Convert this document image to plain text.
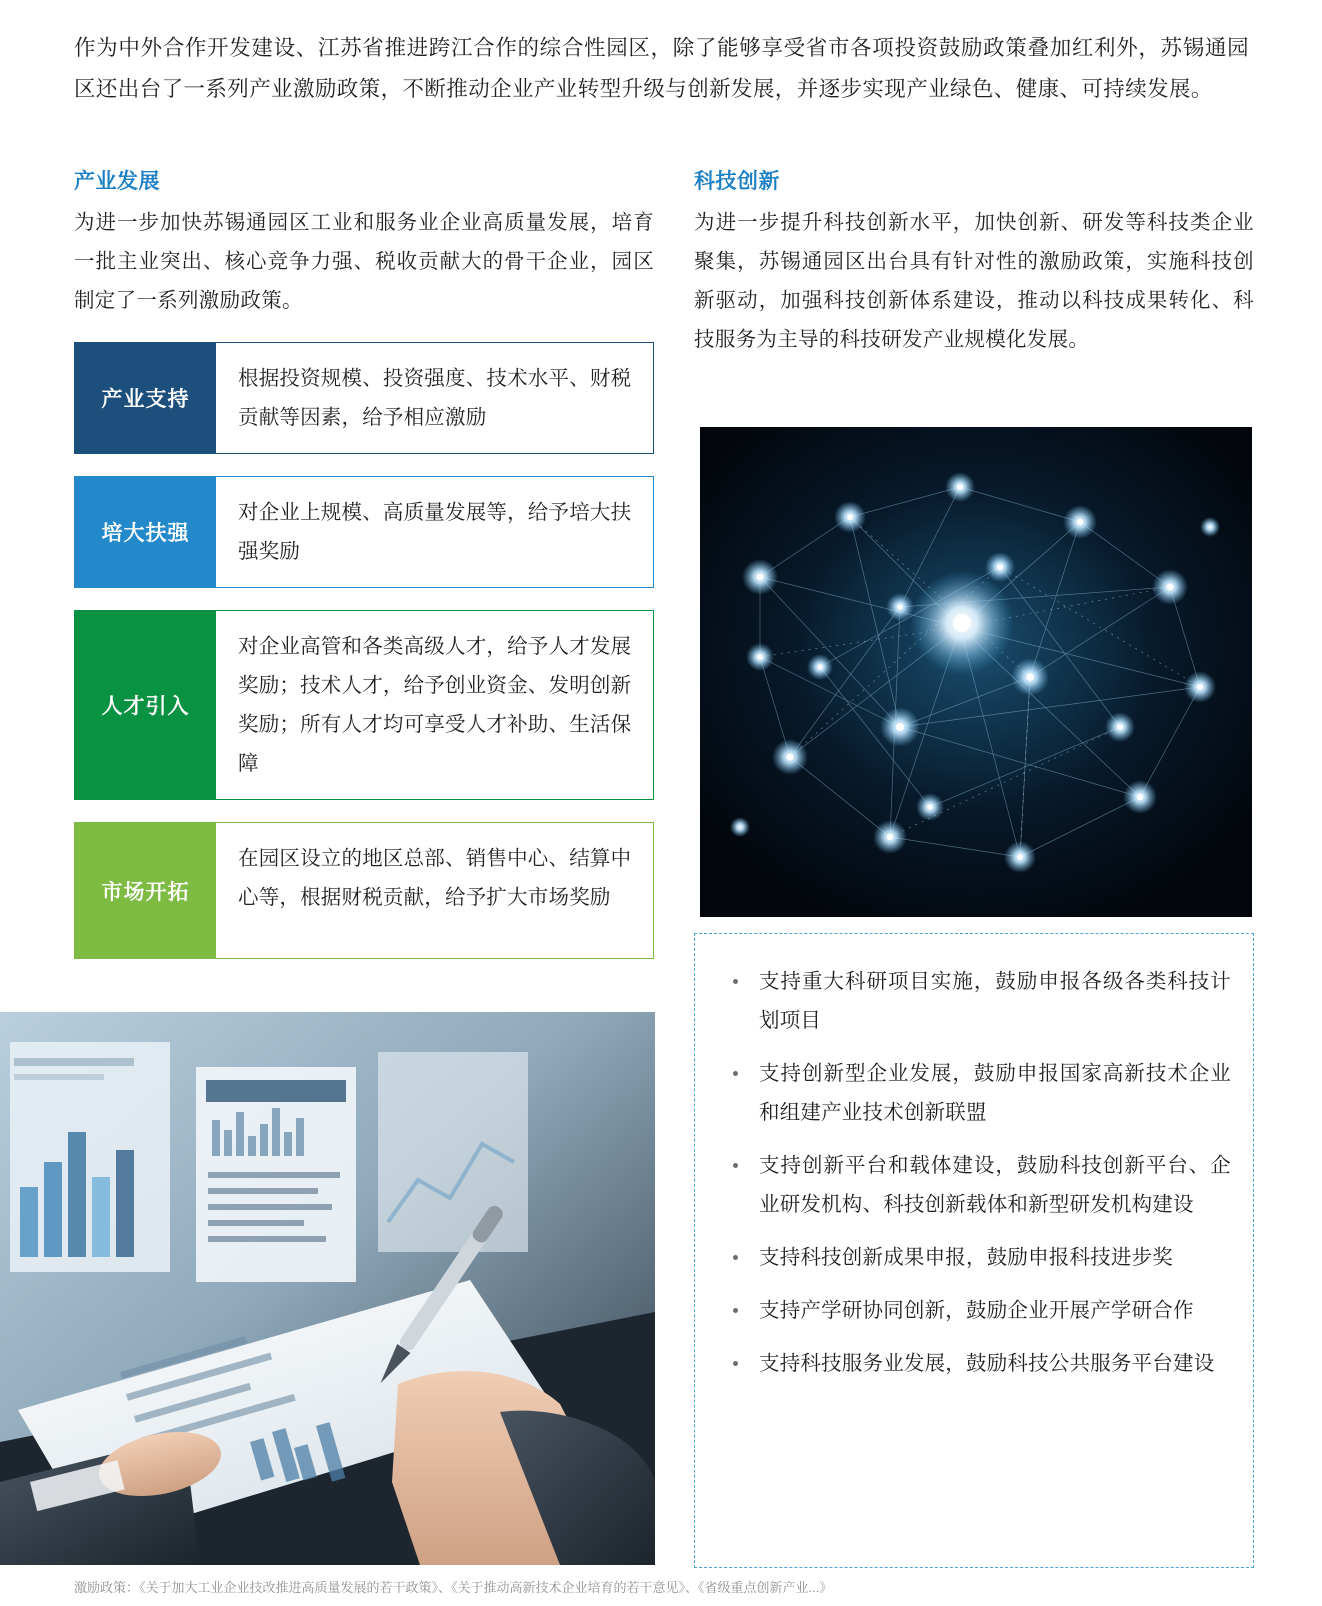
作为中外合作开发建设、江苏省推进跨江合作的综合性园区，除了能够享受省市各项投资鼓励政策叠加红利外，苏锡通园区还出台了一系列产业激励政策，不断推动企业产业转型升级与创新发展，并逐步实现产业绿色、健康、可持续发展。
产业发展
为进一步加快苏锡通园区工业和服务业企业高质量发展，培育一批主业突出、核心竞争力强、税收贡献大的骨干企业，园区制定了一系列激励政策。
产业支持
根据投资规模、投资强度、技术水平、财税贡献等因素，给予相应激励
培大扶强
对企业上规模、高质量发展等，给予培大扶强奖励
人才引入
对企业高管和各类高级人才，给予人才发展奖励；技术人才，给予创业资金、发明创新奖励；所有人才均可享受人才补助、生活保障
市场开拓
在园区设立的地区总部、销售中心、结算中心等，根据财税贡献，给予扩大市场奖励
科技创新
为进一步提升科技创新水平，加快创新、研发等科技类企业聚集，苏锡通园区出台具有针对性的激励政策，实施科技创新驱动，加强科技创新体系建设，推动以科技成果转化、科技服务为主导的科技研发产业规模化发展。
支持重大科研项目实施，鼓励申报各级各类科技计划项目
支持创新型企业发展，鼓励申报国家高新技术企业和组建产业技术创新联盟
支持创新平台和载体建设，鼓励科技创新平台、企业研发机构、科技创新载体和新型研发机构建设
支持科技创新成果申报，鼓励申报科技进步奖
支持产学研协同创新，鼓励企业开展产学研合作
支持科技服务业发展，鼓励科技公共服务平台建设
激励政策：《关于加大工业企业技改推进高质量发展的若干政策》、《关于推动高新技术企业培育的若干意见》、《省级重点创新产业...》
